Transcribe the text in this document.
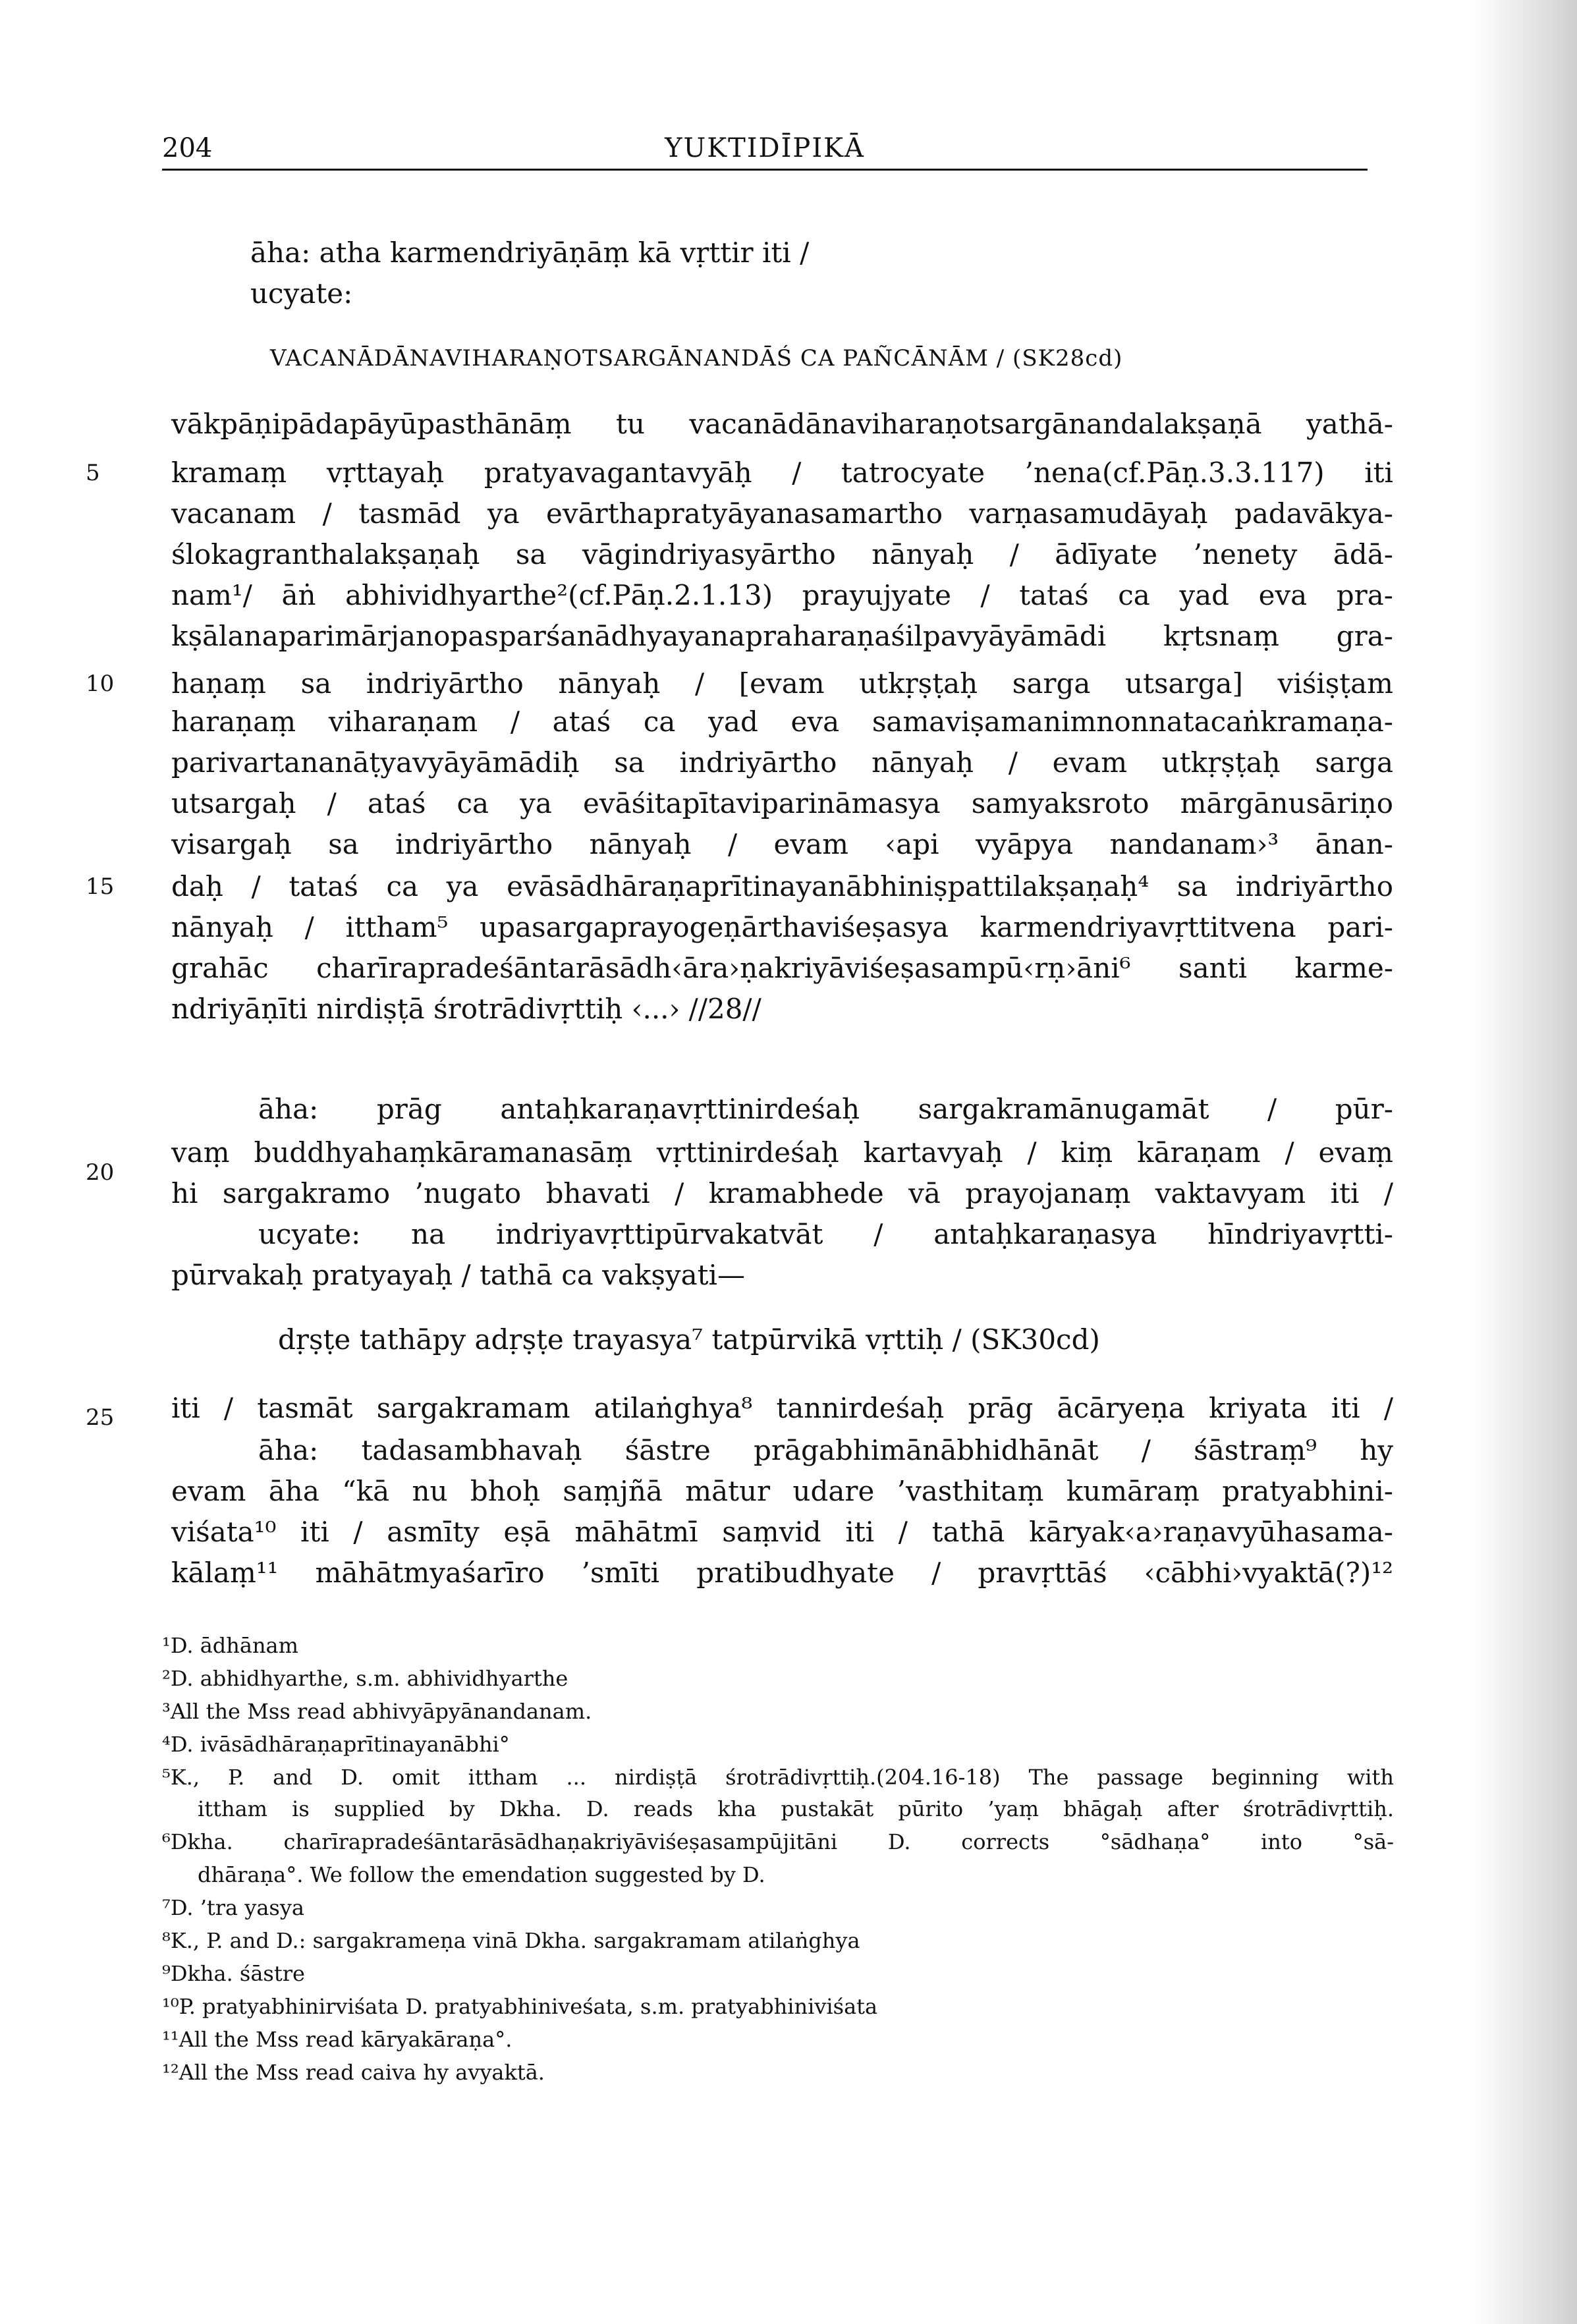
204	YUKTIDĪPIKĀ
5
10
15
20
25
āha: atha karmendriyāṇāṃ kā vṛttir iti /
ucyate:
VACANĀDĀNAVIHARAṆOTSARGĀNANDĀŚ CA PAÑCĀNĀM / (SK28cd)
vākpāṇipādapāyūpasthānāṃ tu vacanādānaviharaṇotsargānandalakṣaṇā yathā-
kramaṃ vṛttayaḥ pratyavagantavyāḥ / tatrocyate ’nena(cf.Pāṇ.3.3.117) iti
vacanam / tasmād ya evārthapratyāyanasamartho varṇasamudāyaḥ padavākya-
ślokagranthalakṣaṇaḥ sa vāgindriyasyārtho nānyaḥ / ādīyate ’nenety ādā-
nam¹/ āṅ abhividhyarthe²(cf.Pāṇ.2.1.13) prayujyate / tataś ca yad eva pra-
kṣālanaparimārjanopasparśanādhyayanapraharaṇaśilpavyāyāmādi kṛtsnaṃ gra-
haṇaṃ sa indriyārtho nānyaḥ / [evam utkṛṣṭaḥ sarga utsarga] viśiṣṭam
haraṇaṃ viharaṇam / ataś ca yad eva samaviṣamanimnonnatacaṅkramaṇa-
parivartananāṭyavyāyāmādiḥ sa indriyārtho nānyaḥ / evam utkṛṣṭaḥ sarga
utsargaḥ / ataś ca ya evāśitapītaviparināmasya samyaksroto mārgānusāriṇo
visargaḥ sa indriyārtho nānyaḥ / evam ‹api vyāpya nandanam›³ ānan-
daḥ / tataś ca ya evāsādhāraṇaprītinayanābhiniṣpattilakṣaṇaḥ⁴ sa indriyārtho
nānyaḥ / ittham⁵ upasargaprayogeṇārthaviśeṣasya karmendriyavṛttitvena pari-
grahāc charīrapradeśāntarāsādh‹āra›ṇakriyāviśeṣasampū‹rṇ›āni⁶ santi karme-
ndriyāṇīti nirdiṣṭā śrotrādivṛttiḥ ‹...› //28//
āha: prāg antaḥkaraṇavṛttinirdeśaḥ sargakramānugamāt / pūr-
vaṃ buddhyahaṃkāramanasāṃ vṛttinirdeśaḥ kartavyaḥ / kiṃ kāraṇam / evaṃ
hi sargakramo ’nugato bhavati / kramabhede vā prayojanaṃ vaktavyam iti /
ucyate: na indriyavṛttipūrvakatvāt / antaḥkaraṇasya hīndriyavṛtti-
pūrvakaḥ pratyayaḥ / tathā ca vakṣyati—
dṛṣṭe tathāpy adṛṣṭe trayasya⁷ tatpūrvikā vṛttiḥ / (SK30cd)
iti / tasmāt sargakramam atilaṅghya⁸ tannirdeśaḥ prāg ācāryeṇa kriyata iti /
āha: tadasambhavaḥ śāstre prāgabhimānābhidhānāt / śāstraṃ⁹ hy
evam āha “kā nu bhoḥ saṃjñā mātur udare ’vasthitaṃ kumāraṃ pratyabhini-
viśata¹⁰ iti / asmīty eṣā māhātmī saṃvid iti / tathā kāryak‹a›raṇavyūhasama-
kālaṃ¹¹ māhātmyaśarīro ’smīti pratibudhyate / pravṛttāś ‹cābhi›vyaktā(?)¹²
¹D. ādhānam
²D. abhidhyarthe, s.m. abhividhyarthe
³All the Mss read abhivyāpyānandanam.
⁴D. ivāsādhāraṇaprītinayanābhi°
⁵K., P. and D. omit ittham ... nirdiṣṭā śrotrādivṛttiḥ.(204.16-18) The passage beginning with
ittham is supplied by Dkha. D. reads kha pustakāt pūrito ’yaṃ bhāgaḥ after śrotrādivṛttiḥ.
⁶Dkha. charīrapradeśāntarāsādhaṇakriyāviśeṣasampūjitāni D. corrects °sādhaṇa° into °sā-
dhāraṇa°. We follow the emendation suggested by D.
⁷D. ’tra yasya
⁸K., P. and D.: sargakrameṇa vinā Dkha. sargakramam atilaṅghya
⁹Dkha. śāstre
¹⁰P. pratyabhinirviśata D. pratyabhiniveśata, s.m. pratyabhiniviśata
¹¹All the Mss read kāryakāraṇa°.
¹²All the Mss read caiva hy avyaktā.
